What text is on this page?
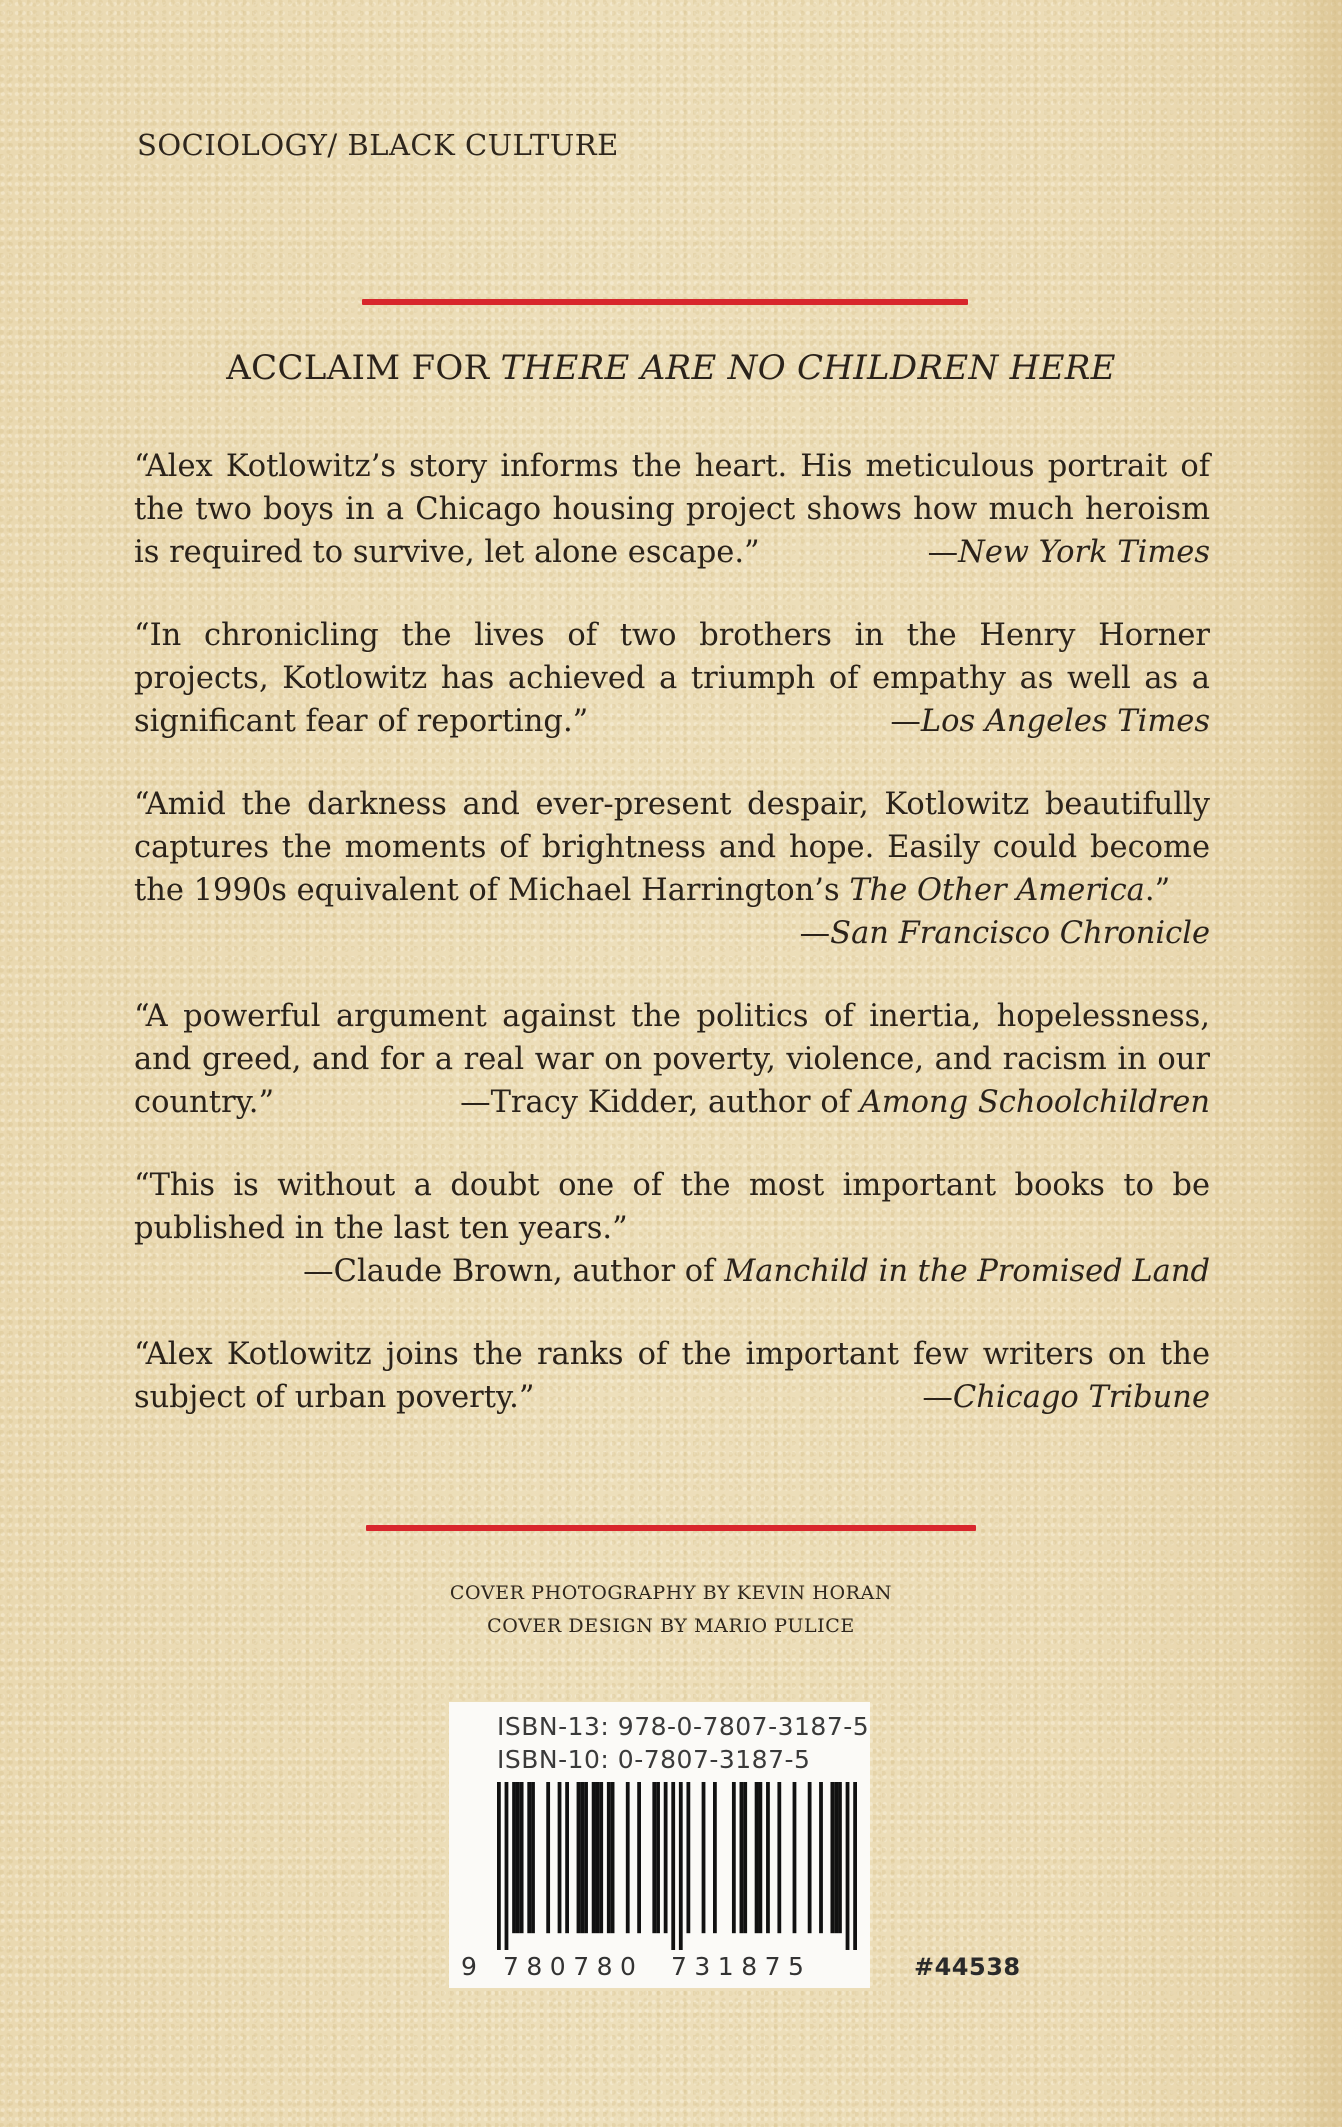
SOCIOLOGY/ BLACK CULTURE
ACCLAIM FOR THERE ARE NO CHILDREN HERE

“Alex Kotlowitz’s story informs the heart. His meticulous portrait of the two boys in a Chicago housing project shows how much heroism is required to survive, let alone escape.”	—New York Times

“In chronicling the lives of two brothers in the Henry Horner projects, Kotlowitz has achieved a triumph of empathy as well as a significant fear of reporting.”	—Los Angeles Times

“Amid the darkness and ever-present despair, Kotlowitz beautifully captures the moments of brightness and hope. Easily could become the 1990s equivalent of Michael Harrington’s The Other America.”
—San Francisco Chronicle

“A powerful argument against the politics of inertia, hopelessness, and greed, and for a real war on poverty, violence, and racism in our country.”	—Tracy Kidder, author of Among Schoolchildren

“This is without a doubt one of the most important books to be published in the last ten years.”
—Claude Brown, author of Manchild in the Promised Land

“Alex Kotlowitz joins the ranks of the important few writers on the subject of urban poverty.”	—Chicago Tribune

COVER PHOTOGRAPHY BY KEVIN HORAN
COVER DESIGN BY MARIO PULICE
ISBN-13: 978-0-7807-3187-5
ISBN-10: 0-7807-3187-5
9 780780 731875	#44538
